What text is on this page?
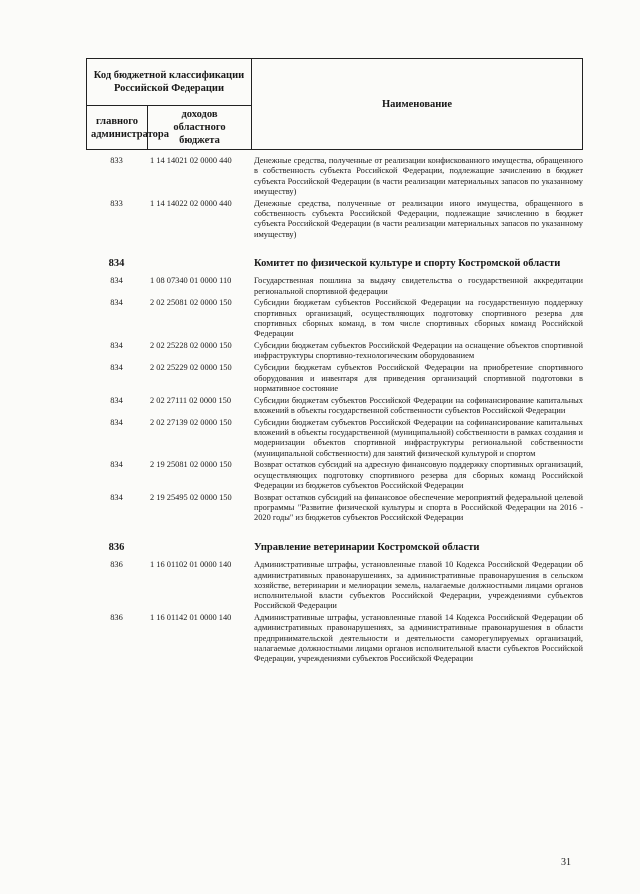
Код бюджетной классификации Российской Федерации		Наименование
главного администратора	доходов областного бюджета	
833	1 14 14021 02 0000 440	Денежные средства, полученные от реализации конфискованного имущества, обращенного в собственность субъекта Российской Федерации, подлежащие зачислению в бюджет субъекта Российской Федерации (в части реализации материальных запасов по указанному имуществу)
833	1 14 14022 02 0000 440	Денежные средства, полученные от реализации иного имущества, обращенного в собственность субъекта Российской Федерации, подлежащие зачислению в бюджет субъекта Российской Федерации (в части реализации материальных запасов по указанному имуществу)
834	Комитет по физической культуре и спорту Костромской области
834	1 08 07340 01 0000 110	Государственная пошлина за выдачу свидетельства о государственной аккредитации региональной спортивной федерации
834	2 02 25081 02 0000 150	Субсидии бюджетам субъектов Российской Федерации на государственную поддержку спортивных организаций, осуществляющих подготовку спортивного резерва для спортивных сборных команд, в том числе спортивных сборных команд Российской Федерации
834	2 02 25228 02 0000 150	Субсидии бюджетам субъектов Российской Федерации на оснащение объектов спортивной инфраструктуры спортивно-технологическим оборудованием
834	2 02 25229 02 0000 150	Субсидии бюджетам субъектов Российской Федерации на приобретение спортивного оборудования и инвентаря для приведения организаций спортивной подготовки в нормативное состояние
834	2 02 27111 02 0000 150	Субсидии бюджетам субъектов Российской Федерации на софинансирование капитальных вложений в объекты государственной собственности субъектов Российской Федерации
834	2 02 27139 02 0000 150	Субсидии бюджетам субъектов Российской Федерации на софинансирование капитальных вложений в объекты государственной (муниципальной) собственности в рамках создания и модернизации объектов спортивной инфраструктуры региональной собственности (муниципальной собственности) для занятий физической культурой и спортом
834	2 19 25081 02 0000 150	Возврат остатков субсидий на адресную финансовую поддержку спортивных организаций, осуществляющих подготовку спортивного резерва для сборных команд Российской Федерации из бюджетов субъектов Российской Федерации
834	2 19 25495 02 0000 150	Возврат остатков субсидий на финансовое обеспечение мероприятий федеральной целевой программы "Развитие физической культуры и спорта в Российской Федерации на 2016 - 2020 годы" из бюджетов субъектов Российской Федерации
836	Управление ветеринарии Костромской области
836	1 16 01102 01 0000 140	Административные штрафы, установленные главой 10 Кодекса Российской Федерации об административных правонарушениях, за административные правонарушения в сельском хозяйстве, ветеринарии и мелиорации земель, налагаемые должностными лицами органов исполнительной власти субъектов Российской Федерации, учреждениями субъектов Российской Федерации
836	1 16 01142 01 0000 140	Административные штрафы, установленные главой 14 Кодекса Российской Федерации об административных правонарушениях, за административные правонарушения в области предпринимательской деятельности и деятельности саморегулируемых организаций, налагаемые должностными лицами органов исполнительной власти субъектов Российской Федерации, учреждениями субъектов Российской Федерации
31
